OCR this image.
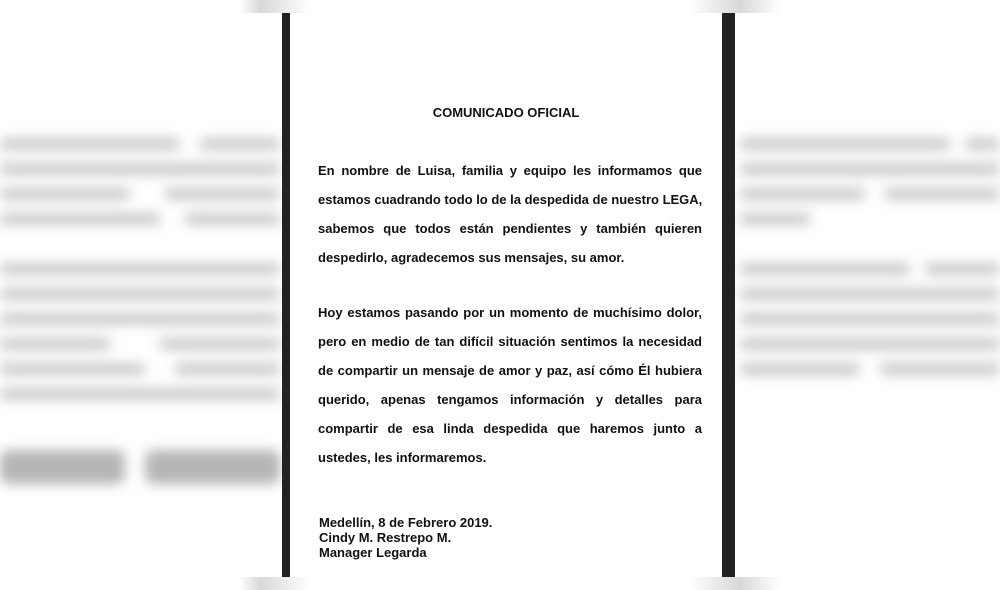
COMUNICADO OFICIAL
En nombre de Luisa, familia y equipo les informamos que
estamos cuadrando todo lo de la despedida de nuestro LEGA,
sabemos que todos están pendientes y también quieren
despedirlo, agradecemos sus mensajes, su amor.
Hoy estamos pasando por un momento de muchísimo dolor,
pero en medio de tan difícil situación sentimos la necesidad
de compartir un mensaje de amor y paz, así cómo Él hubiera
querido, apenas tengamos información y detalles para
compartir de esa linda despedida que haremos junto a
ustedes, les informaremos.
Medellín, 8 de Febrero 2019.
Cindy M. Restrepo M.
Manager Legarda
